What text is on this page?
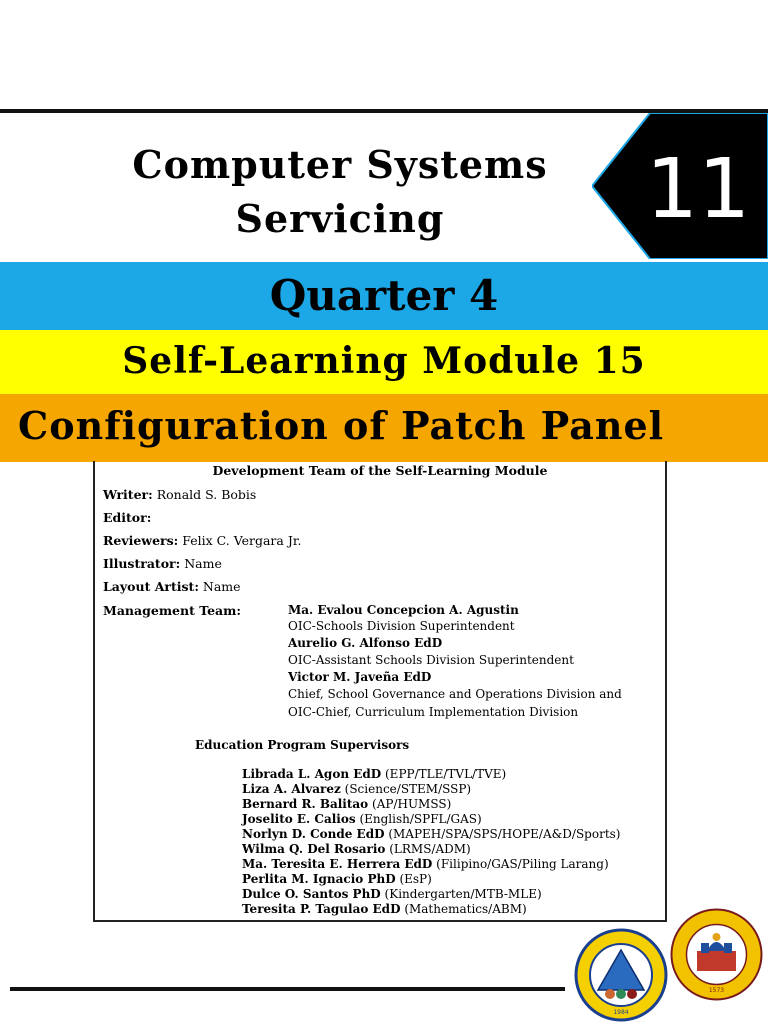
Computer Systems
Servicing	11
Quarter 4
Self-Learning Module 15
Configuration of Patch Panel
Development Team of the Self-Learning Module
Writer: Ronald S. Bobis
Editor:
Reviewers: Felix C. Vergara Jr.
Illustrator: Name
Layout Artist: Name
Management Team:	Ma. Evalou Concepcion A. Agustin
OIC-Schools Division Superintendent
Aurelio G. Alfonso EdD
OIC-Assistant Schools Division Superintendent
Victor M. Javeña EdD
Chief, School Governance and Operations Division and
OIC-Chief, Curriculum Implementation Division
Education Program Supervisors
Librada L. Agon EdD (EPP/TLE/TVL/TVE)
Liza A. Alvarez (Science/STEM/SSP)
Bernard R. Balitao (AP/HUMSS)
Joselito E. Calios (English/SPFL/GAS)
Norlyn D. Conde EdD (MAPEH/SPA/SPS/HOPE/A&D/Sports)
Wilma Q. Del Rosario (LRMS/ADM)
Ma. Teresita E. Herrera EdD (Filipino/GAS/Piling Larang)
Perlita M. Ignacio PhD (EsP)
Dulce O. Santos PhD (Kindergarten/MTB-MLE)
Teresita P. Tagulao EdD (Mathematics/ABM)
1984
1573
